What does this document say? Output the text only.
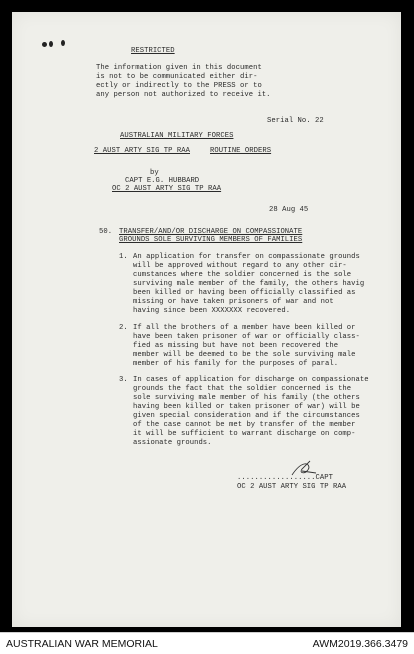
RESTRICTED
The information given in this document
is not to be communicated either dir-
ectly or indirectly to the PRESS or to
any person not authorized to receive it.
Serial No. 22
AUSTRALIAN MILITARY FORCES
2 AUST ARTY SIG TP RAA	ROUTINE ORDERS
by
CAPT E.G. HUBBARD
OC 2 AUST ARTY SIG TP RAA
28 Aug 45
50. TRANSFER/AND/OR DISCHARGE ON COMPASSIONATE
GROUNDS SOLE SURVIVING MEMBERS OF FAMILIES
1. An application for transfer on compassionate grounds
will be approved without regard to any other cir-
cumstances where the soldier concerned is the sole
surviving male member of the family, the others havig
been killed or having been officially classified as
missing or have taken prisoners of war and not
having since been XXXXXXX recovered.
2. If all the brothers of a member have been killed or
have been taken prisoner of war or officially class-
fied as missing but have not been recovered the
member will be deemed to be the sole surviving male
member of his family for the purposes of paral.
3. In cases of application for discharge on compassionate
grounds the fact that the soldier concerned is the
sole surviving male member of his family (the others
having been killed or taken prisoner of war) will be
given special consideration and if the circumstances
of the case cannot be met by transfer of the member
it will be sufficient to warrant discharge on comp-
assionate grounds.
..................CAPT
OC 2 AUST ARTY SIG TP RAA
AUSTRALIAN WAR MEMORIAL	AWM2019.366.3479
